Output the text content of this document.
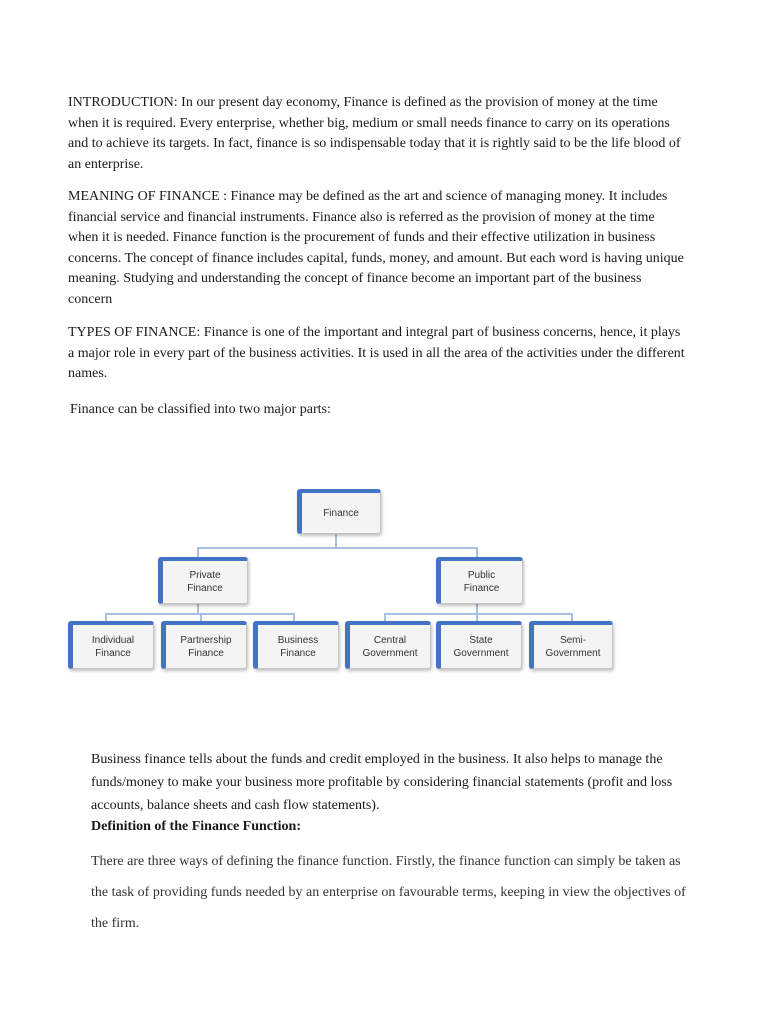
INTRODUCTION: In our present day economy, Finance is defined as the provision of money at the time when it is required. Every enterprise, whether big, medium or small needs finance to carry on its operations and to achieve its targets. In fact, finance is so indispensable today that it is rightly said to be the life blood of an enterprise.

MEANING OF FINANCE : Finance may be defined as the art and science of managing money. It includes financial service and financial instruments. Finance also is referred as the provision of money at the time when it is needed. Finance function is the procurement of funds and their effective utilization in business concerns. The concept of finance includes capital, funds, money, and amount. But each word is having unique meaning. Studying and understanding the concept of finance become an important part of the business concern

TYPES OF FINANCE: Finance is one of the important and integral part of business concerns, hence, it plays a major role in every part of the business activities. It is used in all the area of the activities under the different names.

Finance can be classified into two major parts:

Finance
Private Finance
Public Finance
Individual Finance
Partnership Finance
Business Finance
Central Government
State Government
Semi-Government

Business finance tells about the funds and credit employed in the business. It also helps to manage the funds/money to make your business more profitable by considering financial statements (profit and loss accounts, balance sheets and cash flow statements).

Definition of the Finance Function:

There are three ways of defining the finance function. Firstly, the finance function can simply be taken as the task of providing funds needed by an enterprise on favourable terms, keeping in view the objectives of the firm.
